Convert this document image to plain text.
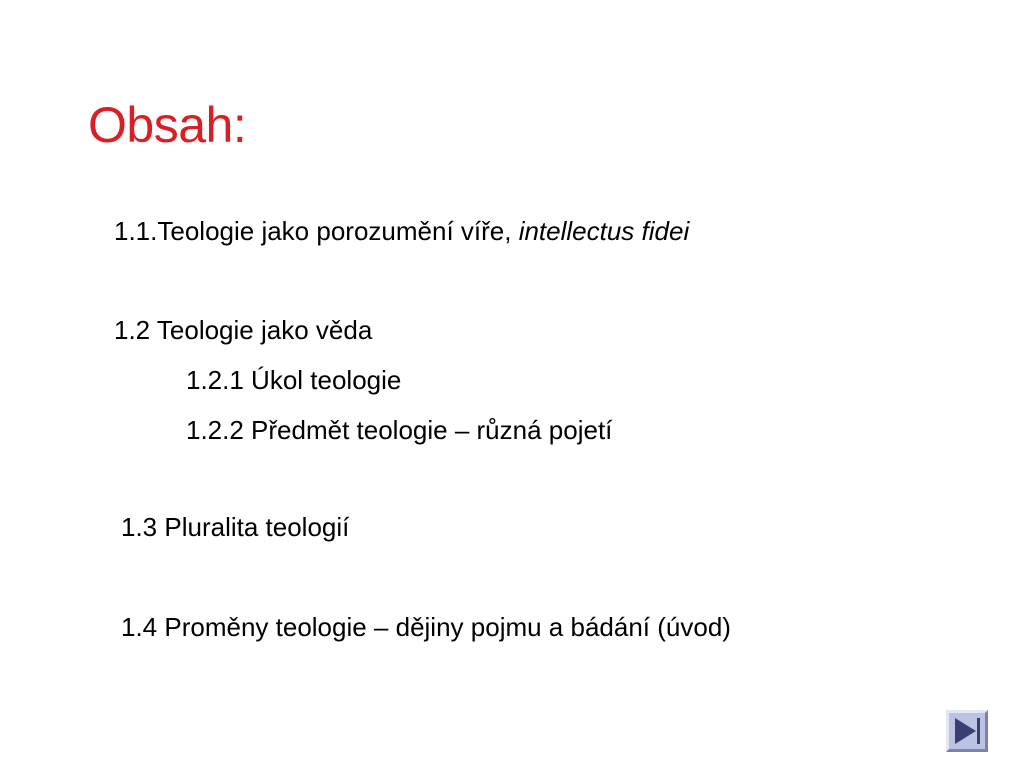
Obsah:

1.1.Teologie jako porozumění víře, intellectus fidei

1.2 Teologie jako věda

1.2.1 Úkol teologie

1.2.2 Předmět teologie – různá pojetí

1.3 Pluralita teologií

1.4 Proměny teologie – dějiny pojmu a bádání (úvod)
